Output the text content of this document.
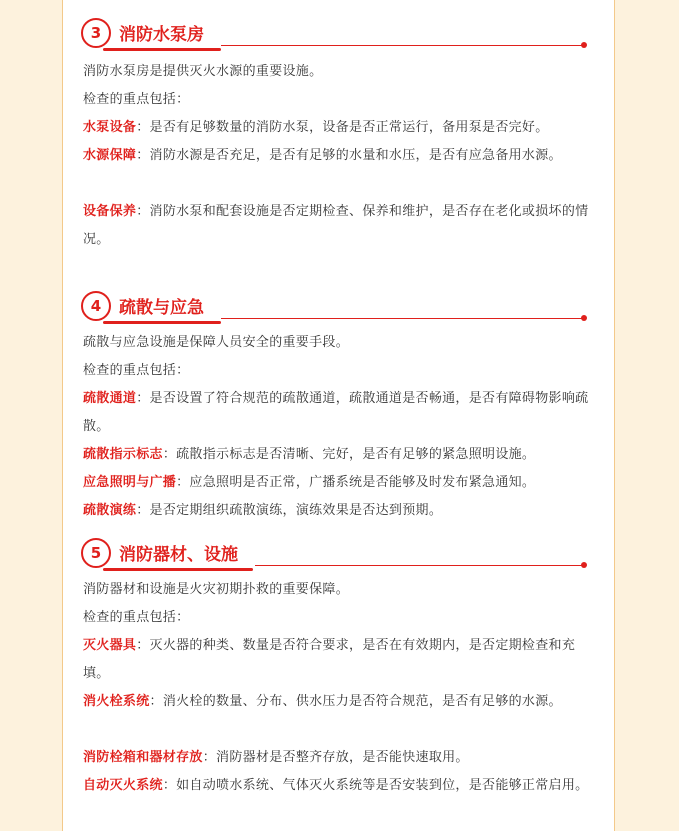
3	消防水泵房
消防水泵房是提供灭火水源的重要设施。
检查的重点包括：
水泵设备：是否有足够数量的消防水泵，设备是否正常运行，备用泵是否完好。
水源保障：消防水源是否充足，是否有足够的水量和水压，是否有应急备用水源。
设备保养：消防水泵和配套设施是否定期检查、保养和维护，是否存在老化或损坏的情况。
4	疏散与应急
疏散与应急设施是保障人员安全的重要手段。
检查的重点包括：
疏散通道：是否设置了符合规范的疏散通道，疏散通道是否畅通，是否有障碍物影响疏散。
疏散指示标志：疏散指示标志是否清晰、完好，是否有足够的紧急照明设施。
应急照明与广播：应急照明是否正常，广播系统是否能够及时发布紧急通知。
疏散演练：是否定期组织疏散演练，演练效果是否达到预期。
5	消防器材、设施
消防器材和设施是火灾初期扑救的重要保障。
检查的重点包括：
灭火器具：灭火器的种类、数量是否符合要求，是否在有效期内，是否定期检查和充填。
消火栓系统：消火栓的数量、分布、供水压力是否符合规范，是否有足够的水源。
消防栓箱和器材存放：消防器材是否整齐存放，是否能快速取用。
自动灭火系统：如自动喷水系统、气体灭火系统等是否安装到位，是否能够正常启用。
